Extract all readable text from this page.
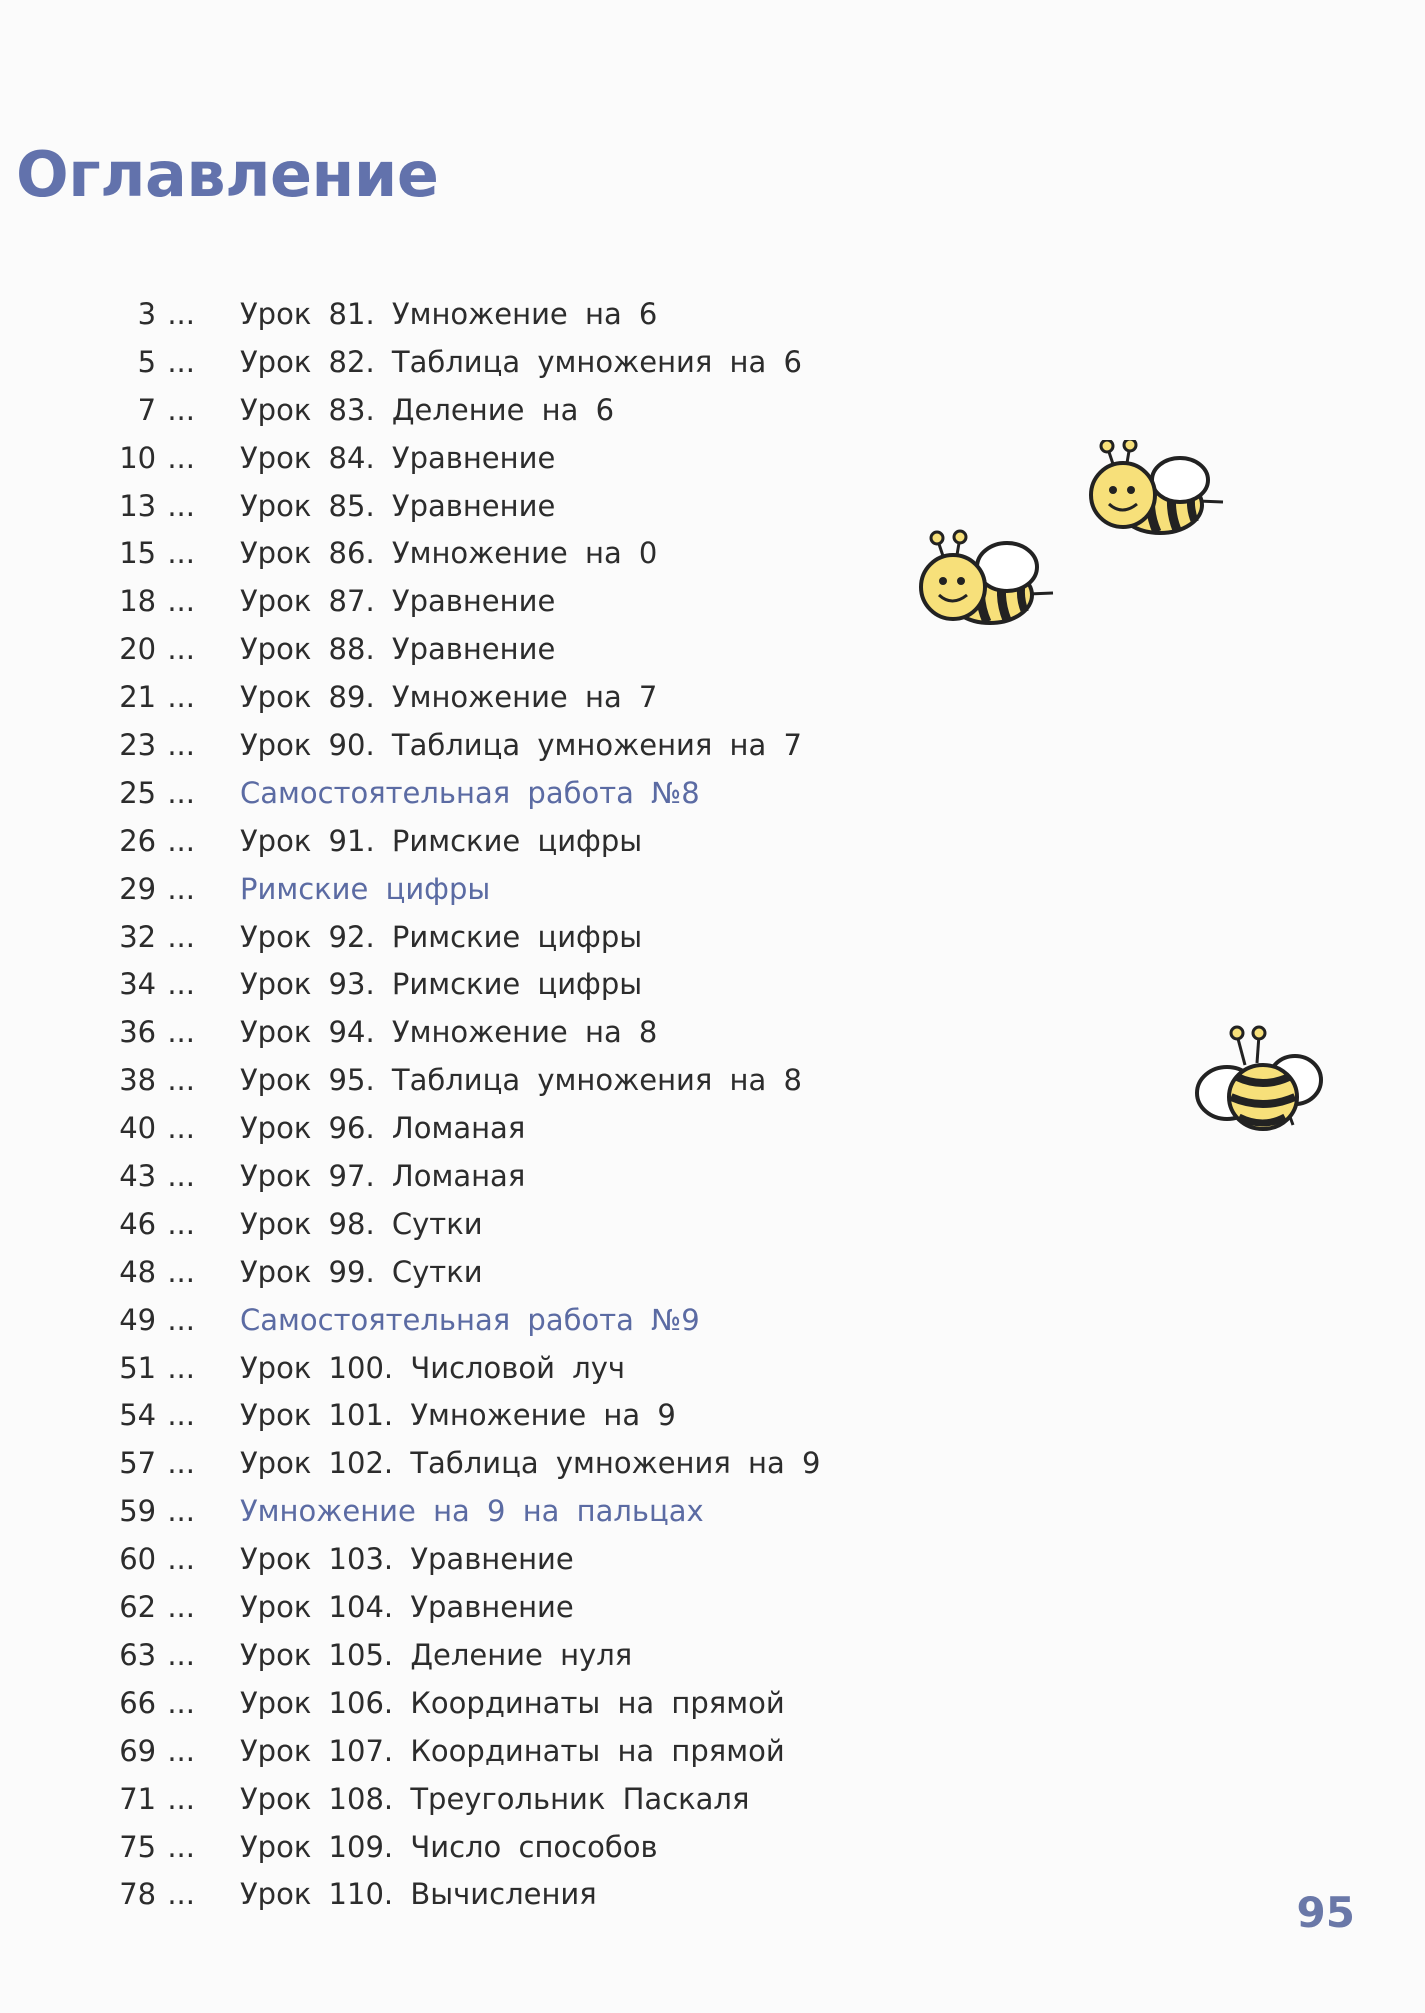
Оглавление
3 ... Урок 81. Умножение на 6
5 ... Урок 82. Таблица умножения на 6
7 ... Урок 83. Деление на 6
10 ... Урок 84. Уравнение
13 ... Урок 85. Уравнение
15 ... Урок 86. Умножение на 0
18 ... Урок 87. Уравнение
20 ... Урок 88. Уравнение
21 ... Урок 89. Умножение на 7
23 ... Урок 90. Таблица умножения на 7
25 ... Самостоятельная работа №8
26 ... Урок 91. Римские цифры
29 ... Римские цифры
32 ... Урок 92. Римские цифры
34 ... Урок 93. Римские цифры
36 ... Урок 94. Умножение на 8
38 ... Урок 95. Таблица умножения на 8
40 ... Урок 96. Ломаная
43 ... Урок 97. Ломаная
46 ... Урок 98. Сутки
48 ... Урок 99. Сутки
49 ... Самостоятельная работа №9
51 ... Урок 100. Числовой луч
54 ... Урок 101. Умножение на 9
57 ... Урок 102. Таблица умножения на 9
59 ... Умножение на 9 на пальцах
60 ... Урок 103. Уравнение
62 ... Урок 104. Уравнение
63 ... Урок 105. Деление нуля
66 ... Урок 106. Координаты на прямой
69 ... Урок 107. Координаты на прямой
71 ... Урок 108. Треугольник Паскаля
75 ... Урок 109. Число способов
78 ... Урок 110. Вычисления	95
